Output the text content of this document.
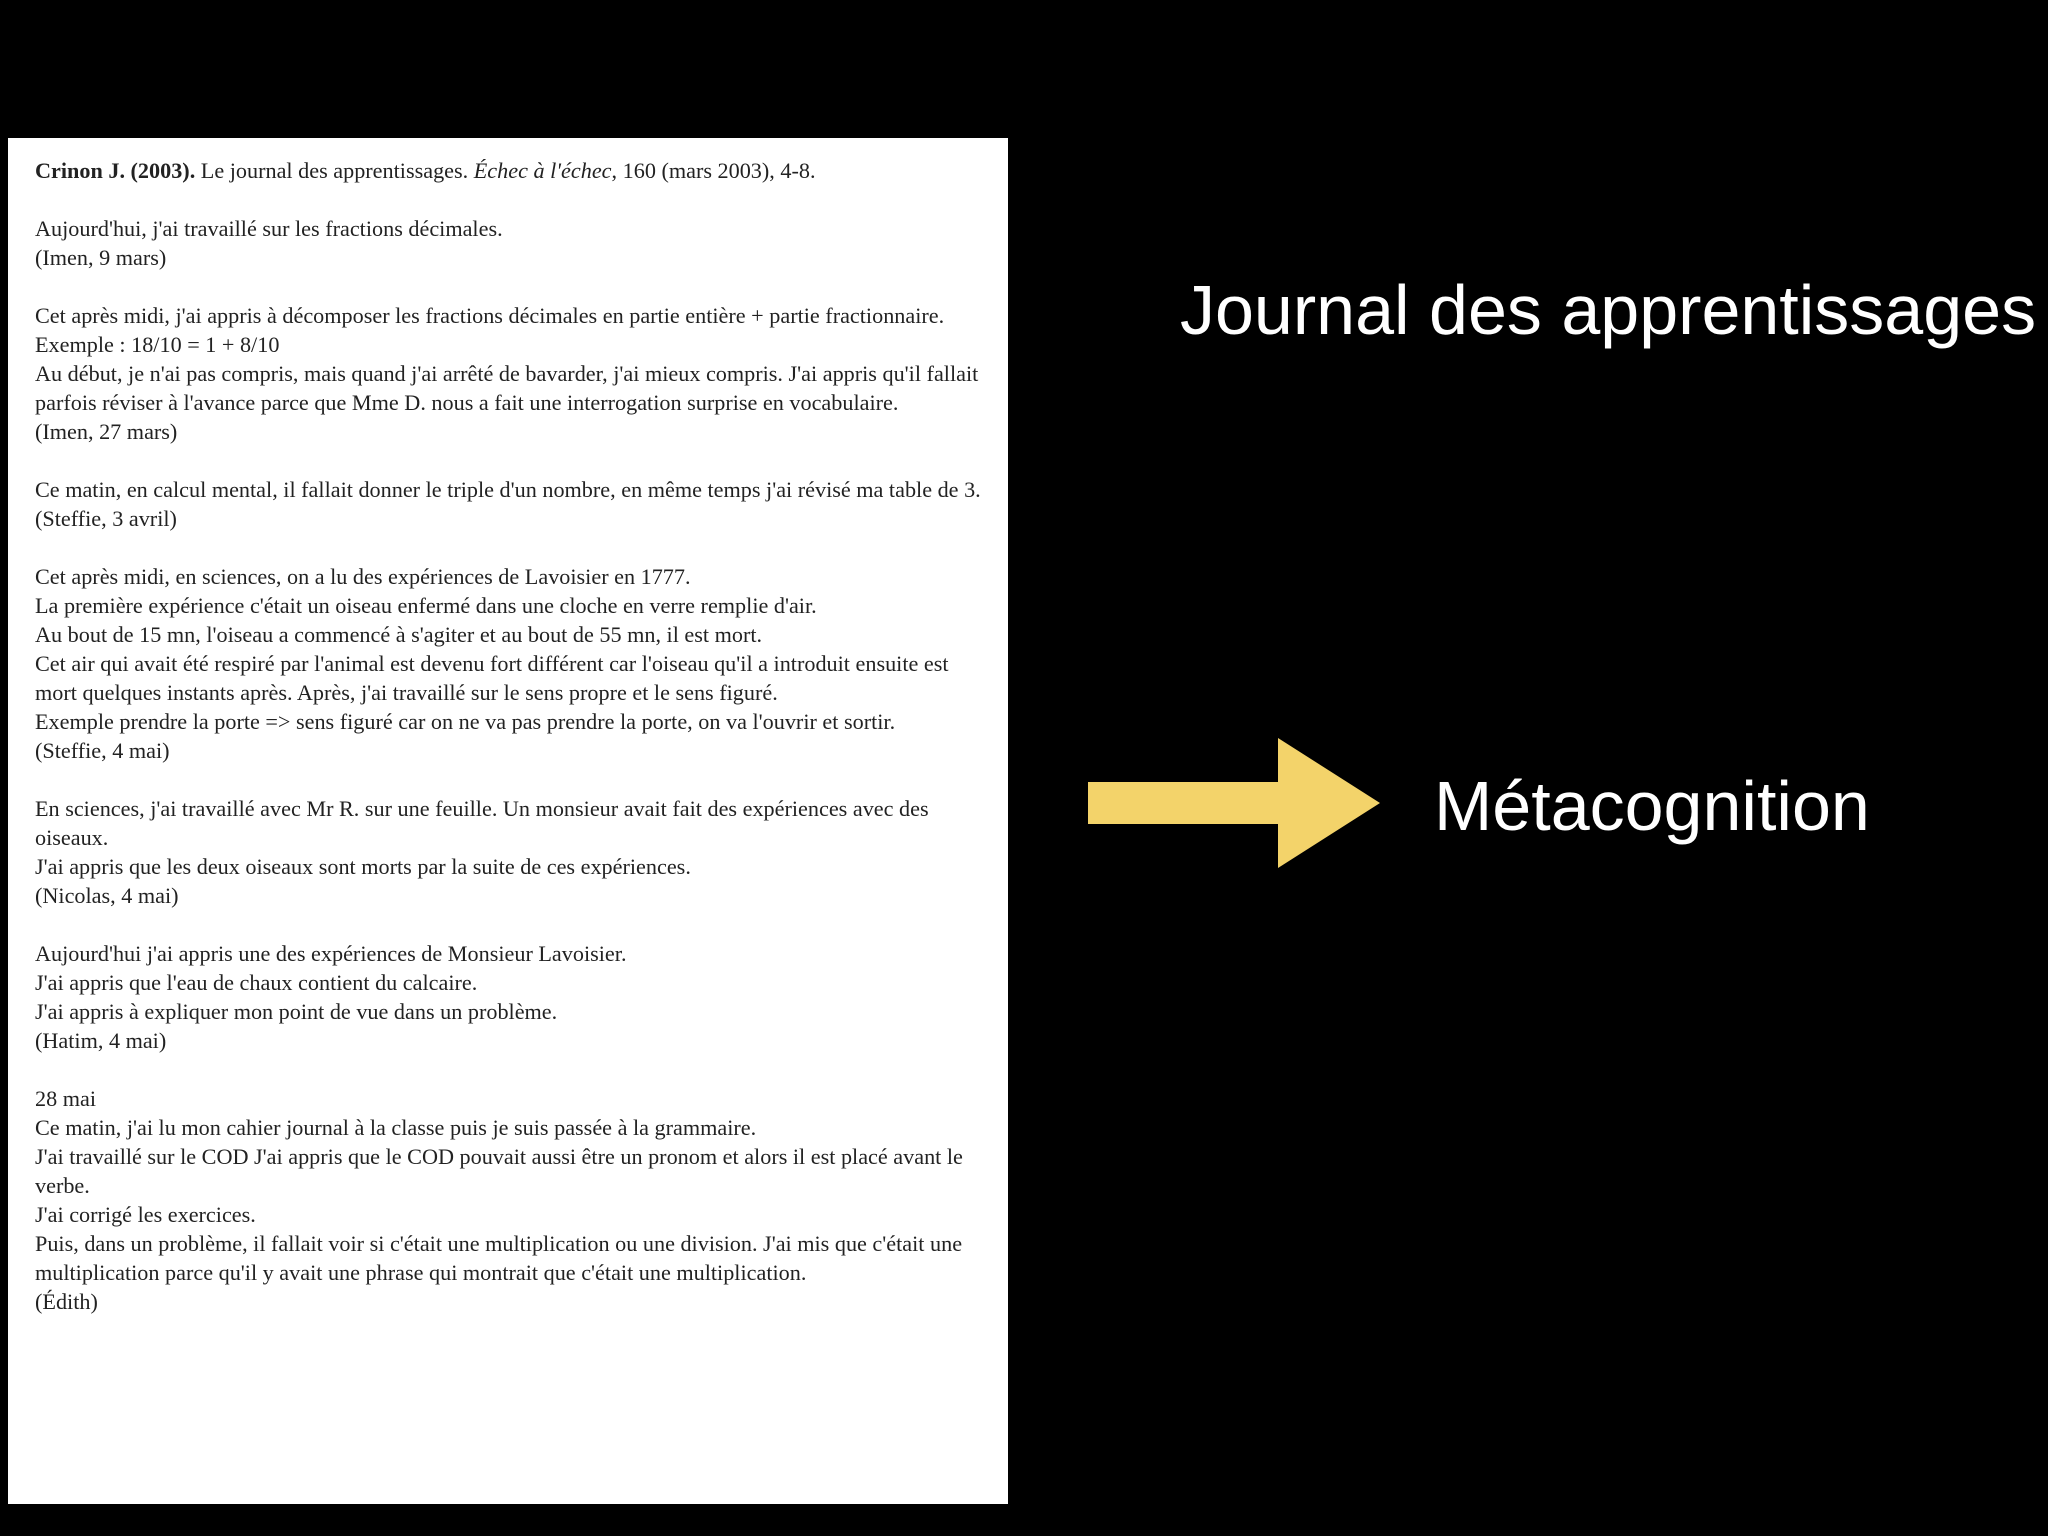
Crinon J. (2003). Le journal des apprentissages. Échec à l'échec, 160 (mars 2003), 4-8.

Aujourd'hui, j'ai travaillé sur les fractions décimales.
(Imen, 9 mars)

Cet après midi, j'ai appris à décomposer les fractions décimales en partie entière + partie fractionnaire.
Exemple : 18/10 = 1 + 8/10
Au début, je n'ai pas compris, mais quand j'ai arrêté de bavarder, j'ai mieux compris. J'ai appris qu'il fallait parfois réviser à l'avance parce que Mme D. nous a fait une interrogation surprise en vocabulaire.
(Imen, 27 mars)

Ce matin, en calcul mental, il fallait donner le triple d'un nombre, en même temps j'ai révisé ma table de 3.
(Steffie, 3 avril)

Cet après midi, en sciences, on a lu des expériences de Lavoisier en 1777.
La première expérience c'était un oiseau enfermé dans une cloche en verre remplie d'air.
Au bout de 15 mn, l'oiseau a commencé à s'agiter et au bout de 55 mn, il est mort.
Cet air qui avait été respiré par l'animal est devenu fort différent car l'oiseau qu'il a introduit ensuite est mort quelques instants après. Après, j'ai travaillé sur le sens propre et le sens figuré.
Exemple prendre la porte => sens figuré car on ne va pas prendre la porte, on va l'ouvrir et sortir.
(Steffie, 4 mai)

En sciences, j'ai travaillé avec Mr R. sur une feuille. Un monsieur avait fait des expériences avec des oiseaux.
J'ai appris que les deux oiseaux sont morts par la suite de ces expériences.
(Nicolas, 4 mai)

Aujourd'hui j'ai appris une des expériences de Monsieur Lavoisier.
J'ai appris que l'eau de chaux contient du calcaire.
J'ai appris à expliquer mon point de vue dans un problème.
(Hatim, 4 mai)

28 mai
Ce matin, j'ai lu mon cahier journal à la classe puis je suis passée à la grammaire.
J'ai travaillé sur le COD J'ai appris que le COD pouvait aussi être un pronom et alors il est placé avant le verbe.
J'ai corrigé les exercices.
Puis, dans un problème, il fallait voir si c'était une multiplication ou une division. J'ai mis que c'était une multiplication parce qu'il y avait une phrase qui montrait que c'était une multiplication.
(Édith)

Journal des apprentissages
Métacognition
